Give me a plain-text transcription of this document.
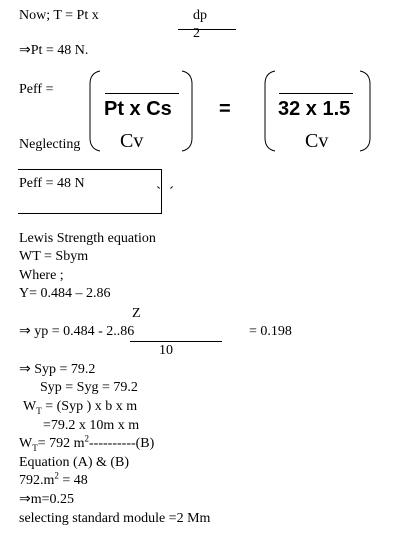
Now; T = Pt x	dp
2
⇒Pt = 48 N.
Peff =
Pt x Cs
Cv
= 32 x 1.5
Cv
Neglecting
Peff = 48 N
Lewis Strength equation
WT = Sbym
Where ;
Y= 0.484 – 2.86
Z
⇒ yp = 0.484 - 2..86	= 0.198
10
⇒ Syp = 79.2
Syp = Syg = 79.2
$W_T = (Syp$ ) x b x m
=79.2 x 10m x m
$W_T= 792$ $m^2----------(B)$
Equation (A) & (B)
$792.m^2 = 48$
⇒m=0.25
selecting standard module =2 Mm
